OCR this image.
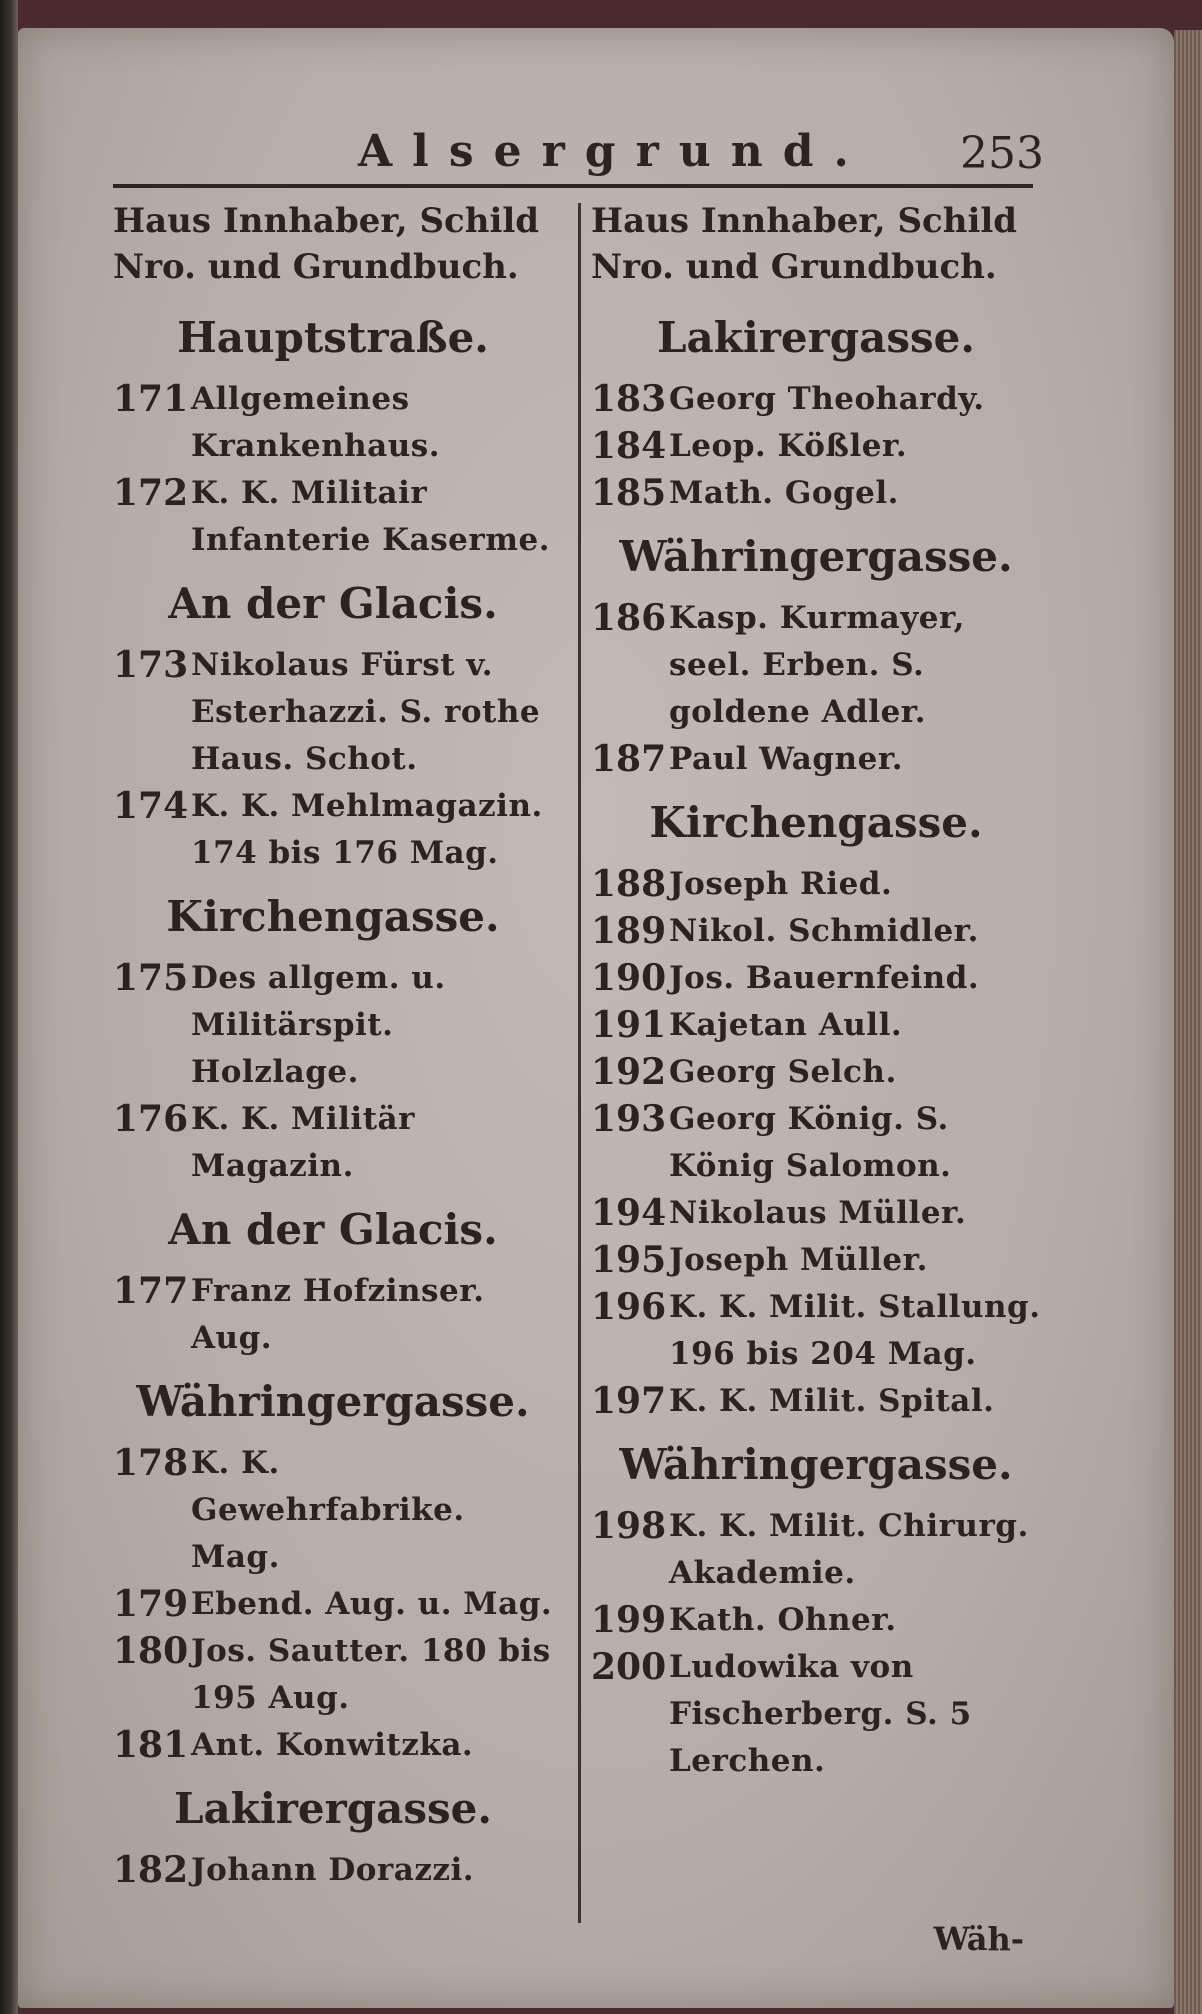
Alsergrund. 253
Haus Innhaber, Schild
Nro. und Grundbuch.
Hauptstraße.
171 Allgemeines Krankenhaus.
172 K. K. Militair Infanterie Kaserme.
An der Glacis.
173 Nikolaus Fürst v. Esterhazzi. S. rothe Haus. Schot.
174 K. K. Mehlmagazin. 174 bis 176 Mag.
Kirchengasse.
175 Des allgem. u. Militärspit. Holzlage.
176 K. K. Militär Magazin.
An der Glacis.
177 Franz Hofzinser. Aug.
Währingergasse.
178 K. K. Gewehrfabrike. Mag.
179 Ebend. Aug. u. Mag.
180 Jos. Sautter. 180 bis 195 Aug.
181 Ant. Konwitzka.
Lakirergasse.
182 Johann Dorazzi.
Haus Innhaber, Schild
Nro. und Grundbuch.
Lakirergasse.
183 Georg Theohardy.
184 Leop. Kößler.
185 Math. Gogel.
Währingergasse.
186 Kasp. Kurmayer, seel. Erben. S. goldene Adler.
187 Paul Wagner.
Kirchengasse.
188 Joseph Ried.
189 Nikol. Schmidler.
190 Jos. Bauernfeind.
191 Kajetan Aull.
192 Georg Selch.
193 Georg König. S. König Salomon.
194 Nikolaus Müller.
195 Joseph Müller.
196 K. K. Milit. Stallung. 196 bis 204 Mag.
197 K. K. Milit. Spital.
Währingergasse.
198 K. K. Milit. Chirurg. Akademie.
199 Kath. Ohner.
200 Ludowika von Fischerberg. S. 5 Lerchen.
Wäh-
